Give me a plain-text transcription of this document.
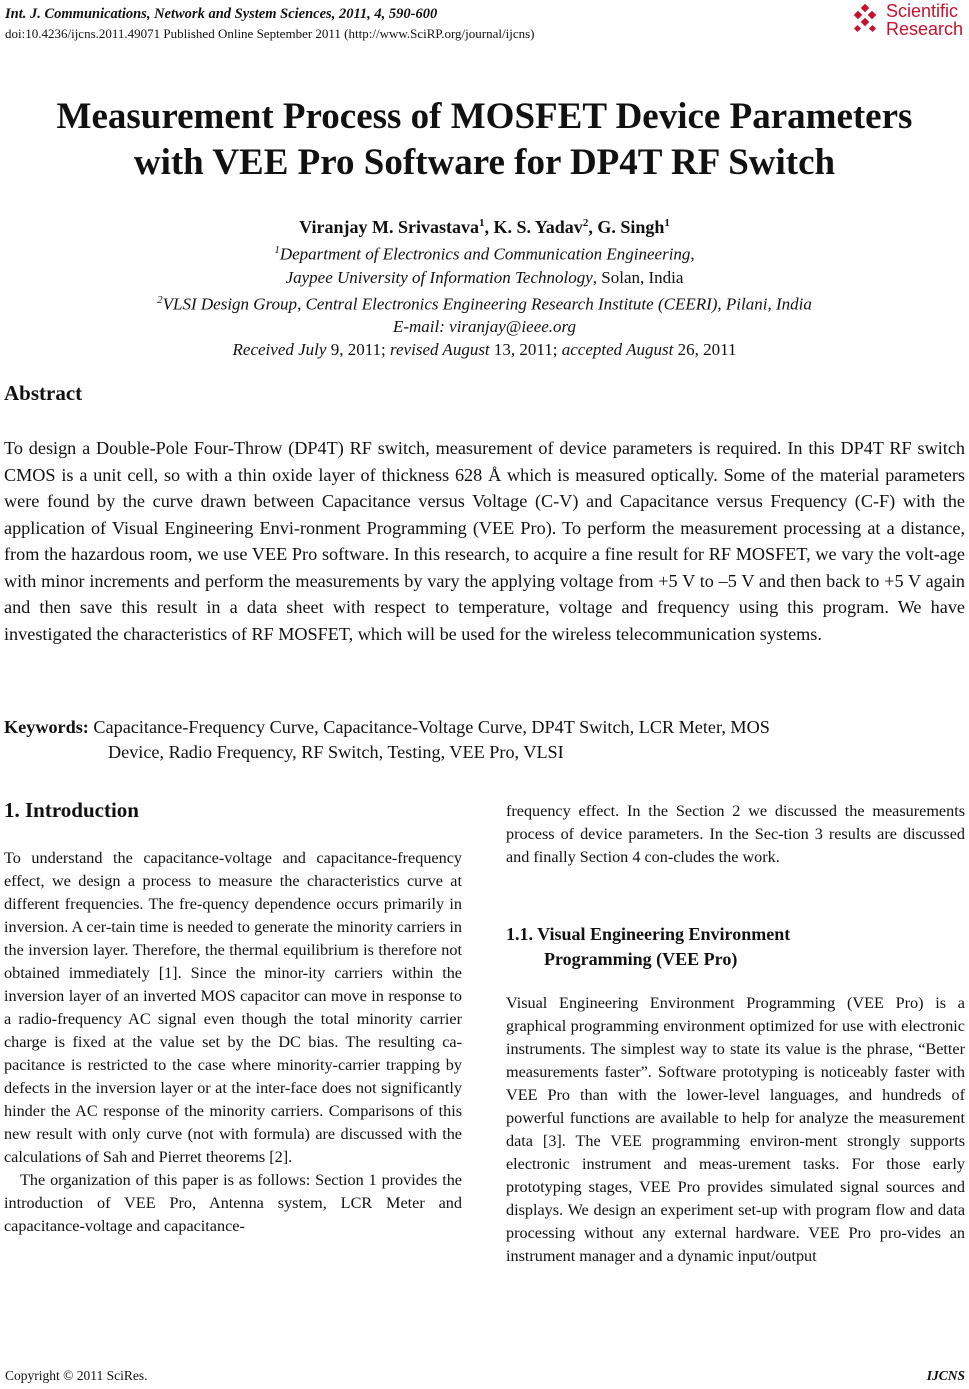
Int. J. Communications, Network and System Sciences, 2011, 4, 590-600
doi:10.4236/ijcns.2011.49071 Published Online September 2011 (http://www.SciRP.org/journal/ijcns)
Scientific
Research
Measurement Process of MOSFET Device Parameters
with VEE Pro Software for DP4T RF Switch
Viranjay M. Srivastava$^1$, K. S. Yadav$^2$, G. Singh$^1$
$^1$Department of Electronics and Communication Engineering,
Jaypee University of Information Technology, Solan, India
$^2$VLSI Design Group, Central Electronics Engineering Research Institute (CEERI), Pilani, India
E-mail: viranjay@ieee.org
Received July 9, 2011; revised August 13, 2011; accepted August 26, 2011
Abstract
To design a Double-Pole Four-Throw (DP4T) RF switch, measurement of device parameters is required. In this DP4T RF switch CMOS is a unit cell, so with a thin oxide layer of thickness 628 Å which is measured optically. Some of the material parameters were found by the curve drawn between Capacitance versus Voltage (C-V) and Capacitance versus Frequency (C-F) with the application of Visual Engineering Envi-ronment Programming (VEE Pro). To perform the measurement processing at a distance, from the hazardous room, we use VEE Pro software. In this research, to acquire a fine result for RF MOSFET, we vary the volt-age with minor increments and perform the measurements by vary the applying voltage from +5 V to –5 V and then back to +5 V again and then save this result in a data sheet with respect to temperature, voltage and frequency using this program. We have investigated the characteristics of RF MOSFET, which will be used for the wireless telecommunication systems.
Keywords: Capacitance-Frequency Curve, Capacitance-Voltage Curve, DP4T Switch, LCR Meter, MOS
Device, Radio Frequency, RF Switch, Testing, VEE Pro, VLSI
1. Introduction

To understand the capacitance-voltage and capacitance-frequency effect, we design a process to measure the characteristics curve at different frequencies. The fre-quency dependence occurs primarily in inversion. A cer-tain time is needed to generate the minority carriers in the inversion layer. Therefore, the thermal equilibrium is therefore not obtained immediately [1]. Since the minor-ity carriers within the inversion layer of an inverted MOS capacitor can move in response to a radio-frequency AC signal even though the total minority carrier charge is fixed at the value set by the DC bias. The resulting ca-pacitance is restricted to the case where minority-carrier trapping by defects in the inversion layer or at the inter-face does not significantly hinder the AC response of the minority carriers. Comparisons of this new result with only curve (not with formula) are discussed with the calculations of Sah and Pierret theorems [2].

The organization of this paper is as follows: Section 1 provides the introduction of VEE Pro, Antenna system, LCR Meter and capacitance-voltage and capacitance-

frequency effect. In the Section 2 we discussed the measurements process of device parameters. In the Sec-tion 3 results are discussed and finally Section 4 con-cludes the work.

1.1. Visual Engineering Environment
Programming (VEE Pro)

Visual Engineering Environment Programming (VEE Pro) is a graphical programming environment optimized for use with electronic instruments. The simplest way to state its value is the phrase, “Better measurements faster”. Software prototyping is noticeably faster with VEE Pro than with the lower-level languages, and hundreds of powerful functions are available to help for analyze the measurement data [3]. The VEE programming environ-ment strongly supports electronic instrument and meas-urement tasks. For those early prototyping stages, VEE Pro provides simulated signal sources and displays. We design an experiment set-up with program flow and data processing without any external hardware. VEE Pro pro-vides an instrument manager and a dynamic input/output

Copyright © 2011 SciRes.	IJCNS
